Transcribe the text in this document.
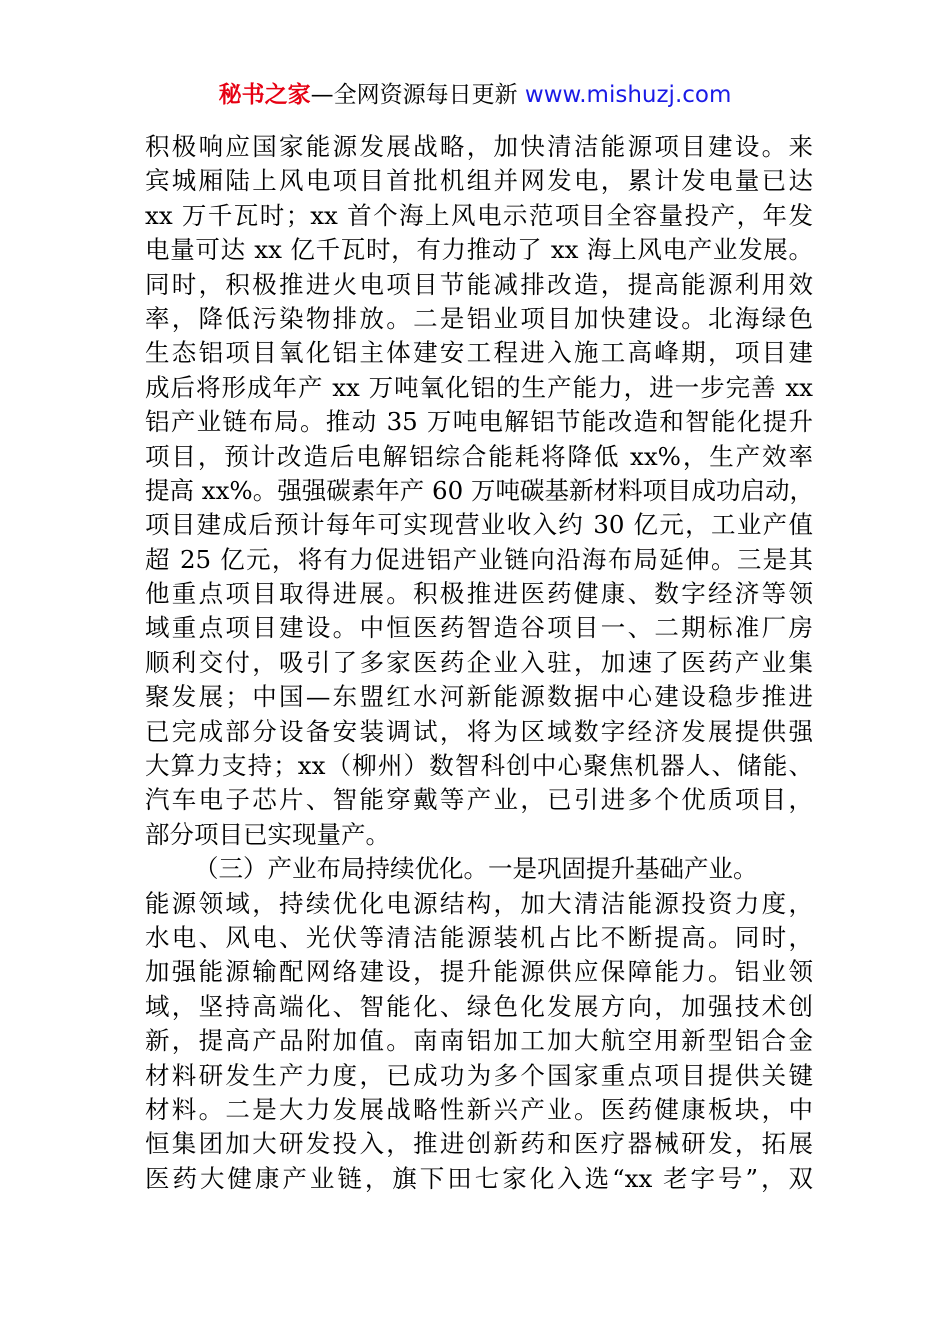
秘书之家—全网资源每日更新 www.mishuzj.com
积极响应国家能源发展战略，加快清洁能源项目建设。来
宾城厢陆上风电项目首批机组并网发电，累计发电量已达
xx 万千瓦时；xx 首个海上风电示范项目全容量投产，年发
电量可达 xx 亿千瓦时，有力推动了 xx 海上风电产业发展。
同时，积极推进火电项目节能减排改造，提高能源利用效
率，降低污染物排放。二是铝业项目加快建设。北海绿色
生态铝项目氧化铝主体建安工程进入施工高峰期，项目建
成后将形成年产 xx 万吨氧化铝的生产能力，进一步完善 xx
铝产业链布局。推动 35 万吨电解铝节能改造和智能化提升
项目，预计改造后电解铝综合能耗将降低 xx%，生产效率
提高 xx%。强强碳素年产 60 万吨碳基新材料项目成功启动，
项目建成后预计每年可实现营业收入约 30 亿元，工业产值
超 25 亿元，将有力促进铝产业链向沿海布局延伸。三是其
他重点项目取得进展。积极推进医药健康、数字经济等领
域重点项目建设。中恒医药智造谷项目一、二期标准厂房
顺利交付，吸引了多家医药企业入驻，加速了医药产业集
聚发展；中国—东盟红水河新能源数据中心建设稳步推进
已完成部分设备安装调试，将为区域数字经济发展提供强
大算力支持；xx（柳州）数智科创中心聚焦机器人、储能、
汽车电子芯片、智能穿戴等产业，已引进多个优质项目，
部分项目已实现量产。
（三）产业布局持续优化。一是巩固提升基础产业。
能源领域，持续优化电源结构，加大清洁能源投资力度，
水电、风电、光伏等清洁能源装机占比不断提高。同时，
加强能源输配网络建设，提升能源供应保障能力。铝业领
域，坚持高端化、智能化、绿色化发展方向，加强技术创
新，提高产品附加值。南南铝加工加大航空用新型铝合金
材料研发生产力度，已成功为多个国家重点项目提供关键
材料。二是大力发展战略性新兴产业。医药健康板块，中
恒集团加大研发投入，推进创新药和医疗器械研发，拓展
医药大健康产业链，旗下田七家化入选“xx 老字号”，双
